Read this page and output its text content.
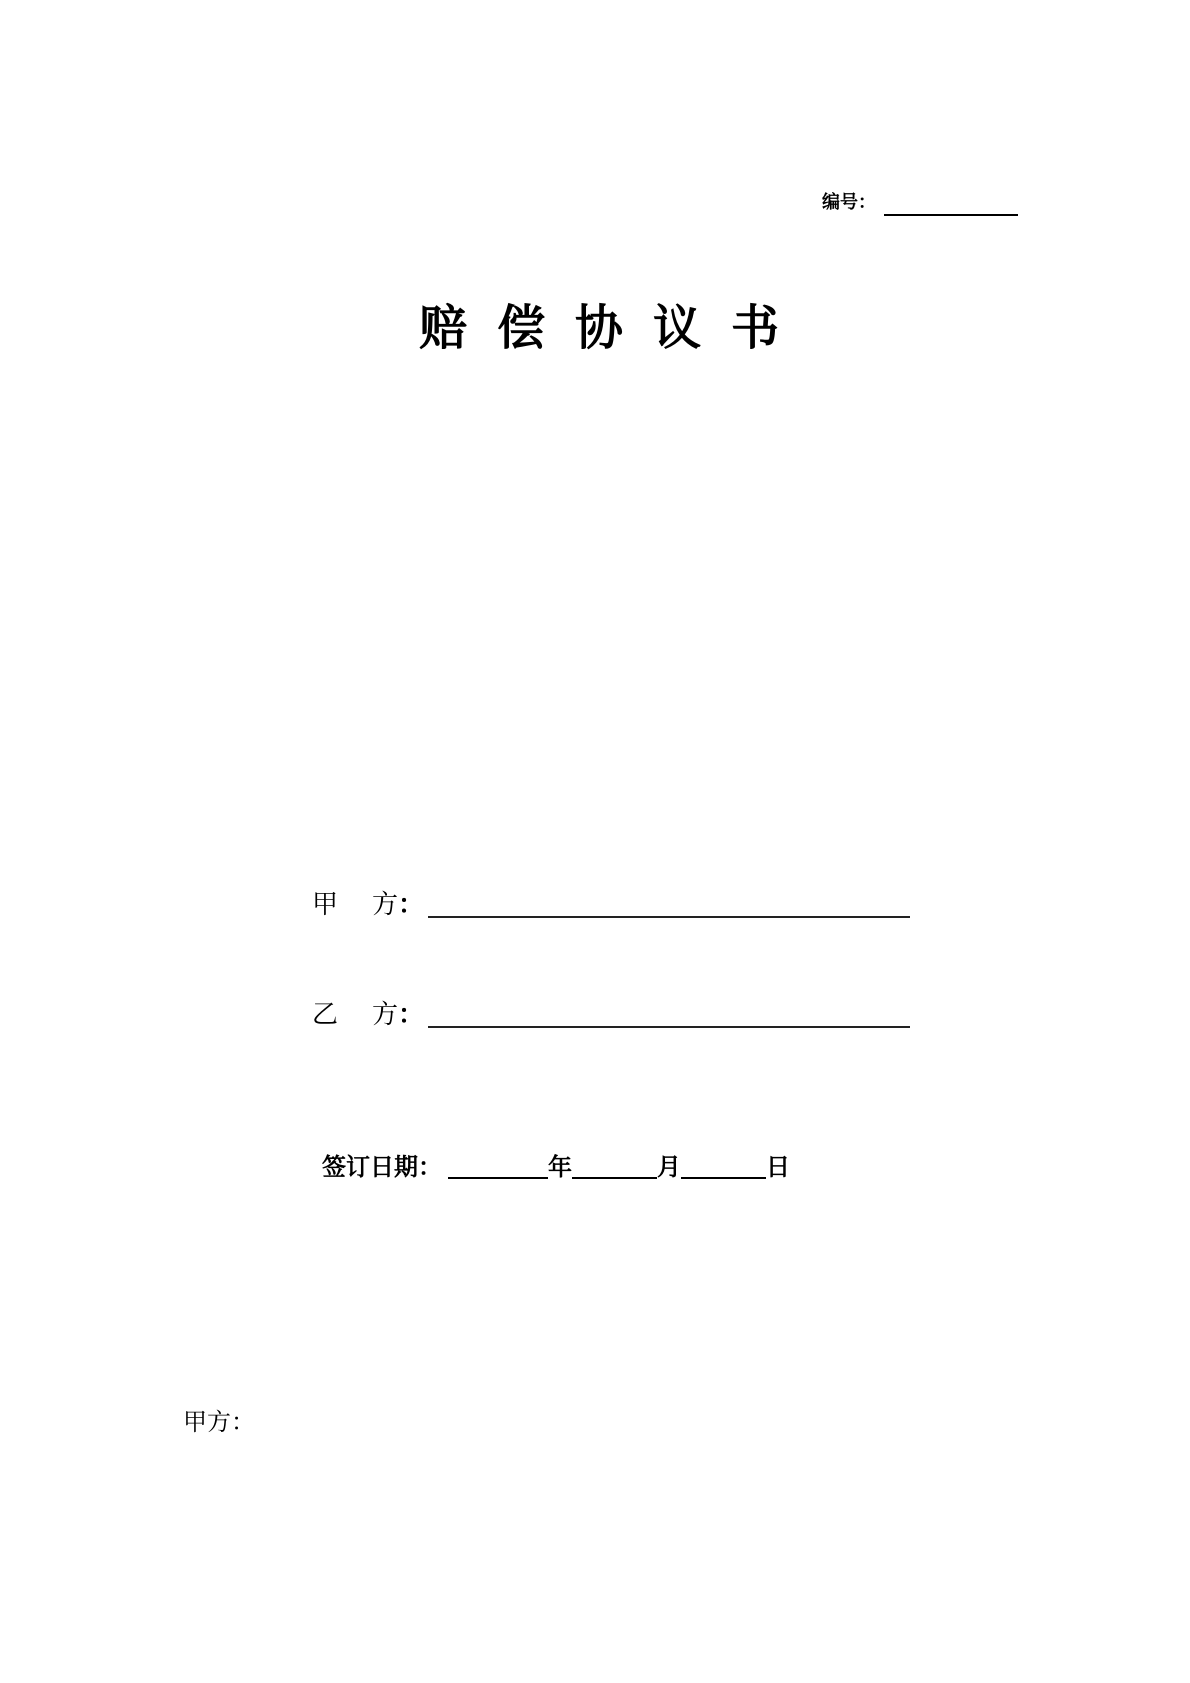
编号：
赔 偿 协 议 书
甲 方 ：
乙 方 ：
签订日期：	年	月	日
甲方：
